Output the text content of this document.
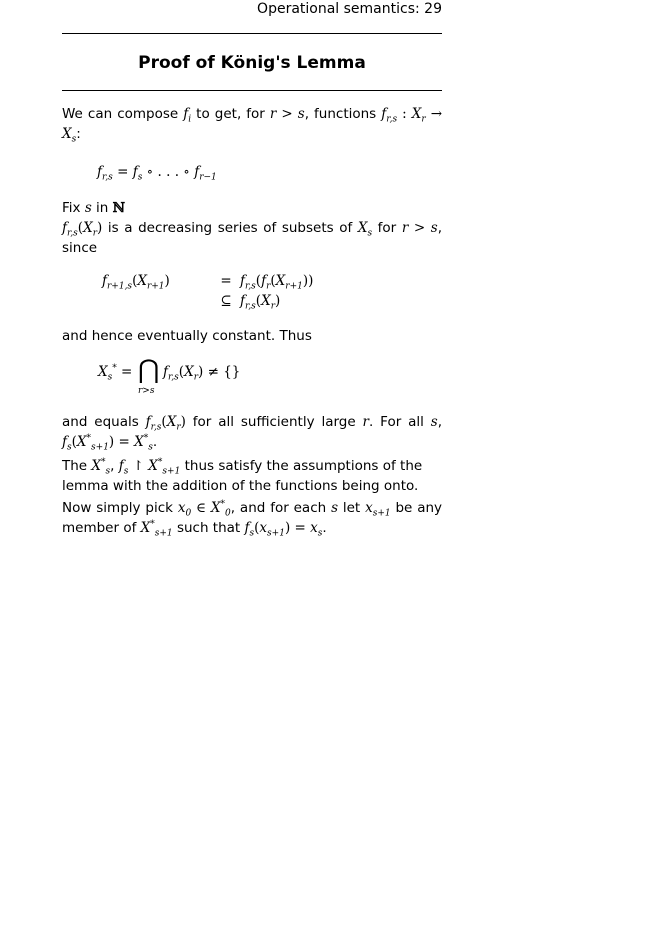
Operational semantics: 29
Proof of König's Lemma
We can compose $f_i$ to get, for r > s, functions $f_{r,s}$ : $X_r \to X_s$:
$f_{r,s} = f_s$ ∘ . . . ∘ $f_{r-1}$
Fix s in ℕ
$f_{r,s}(X_r)$ is a decreasing series of subsets of $X_s$ for r > s, since
$f_{r+1,s}(X_{r+1})$	= $f_{r,s}(f_r(X_{r+1}))$
⊆ $f_{r,s}(X_r)$
and hence eventually constant. Thus
$X_s^*$ = ⋂
r>s
$f_{r,s}(X_r)$ ≠ {}
and equals $f_{r,s}(X_r)$ for all sufficiently large r. For all s, $f_s(X^*_{s+1}) = X^*_s$.
The $X^*_s$, $f_s$ ↾ $X^*_{s+1}$ thus satisfy the assumptions of the lemma with the addition of the functions being onto.
Now simply pick $x_0$ ∈ $X^*_0$, and for each s let $x_{s+1}$ be any member of $X^*_{s+1}$ such that $f_s(x_{s+1}) = x_s$.
